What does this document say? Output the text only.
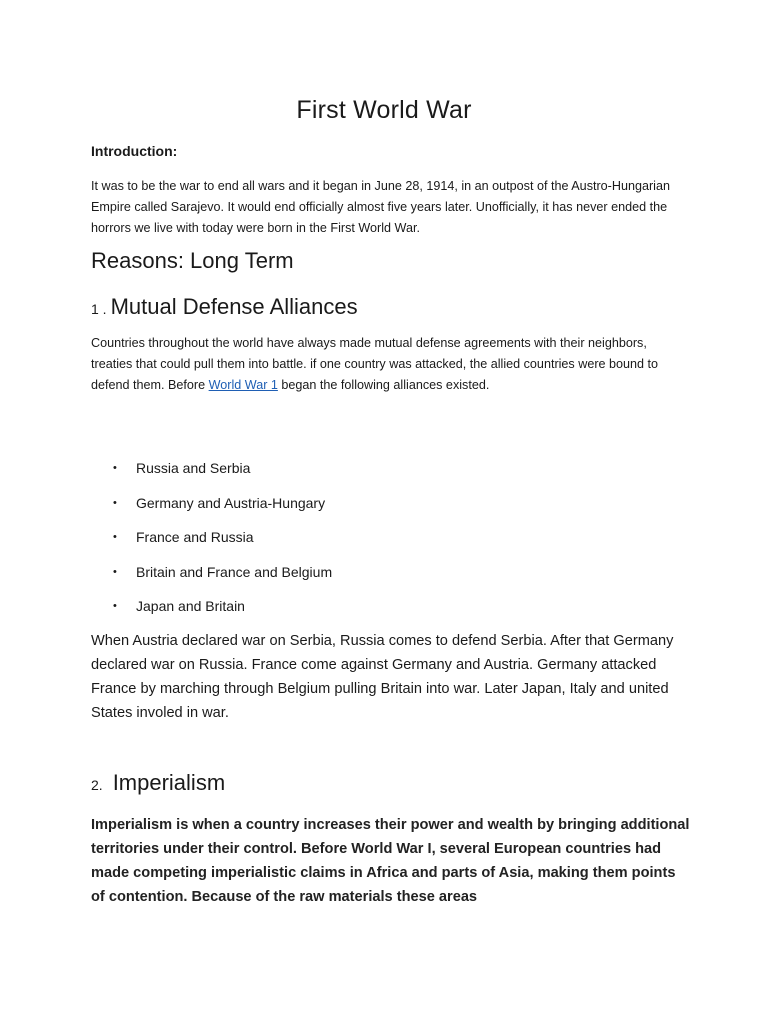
First World War
Introduction:

It was to be the war to end all wars and it began in June 28, 1914, in an outpost of the Austro-Hungarian Empire called Sarajevo. It would end officially almost five years later. Unofficially, it has never ended the horrors we live with today were born in the First World War.

Reasons: Long Term
1 . Mutual Defense Alliances

Countries throughout the world have always made mutual defense agreements with their neighbors, treaties that could pull them into battle. if one country was attacked, the allied countries were bound to defend them. Before World War 1 began the following alliances existed.

• Russia and Serbia
• Germany and Austria-Hungary
• France and Russia
• Britain and France and Belgium
• Japan and Britain

When Austria declared war on Serbia, Russia comes to defend Serbia. After that Germany declared war on Russia. France come against Germany and Austria. Germany attacked France by marching through Belgium pulling Britain into war. Later Japan, Italy and united States involed in war.

2. Imperialism

Imperialism is when a country increases their power and wealth by bringing additional territories under their control. Before World War I, several European countries had made competing imperialistic claims in Africa and parts of Asia, making them points of contention. Because of the raw materials these areas
